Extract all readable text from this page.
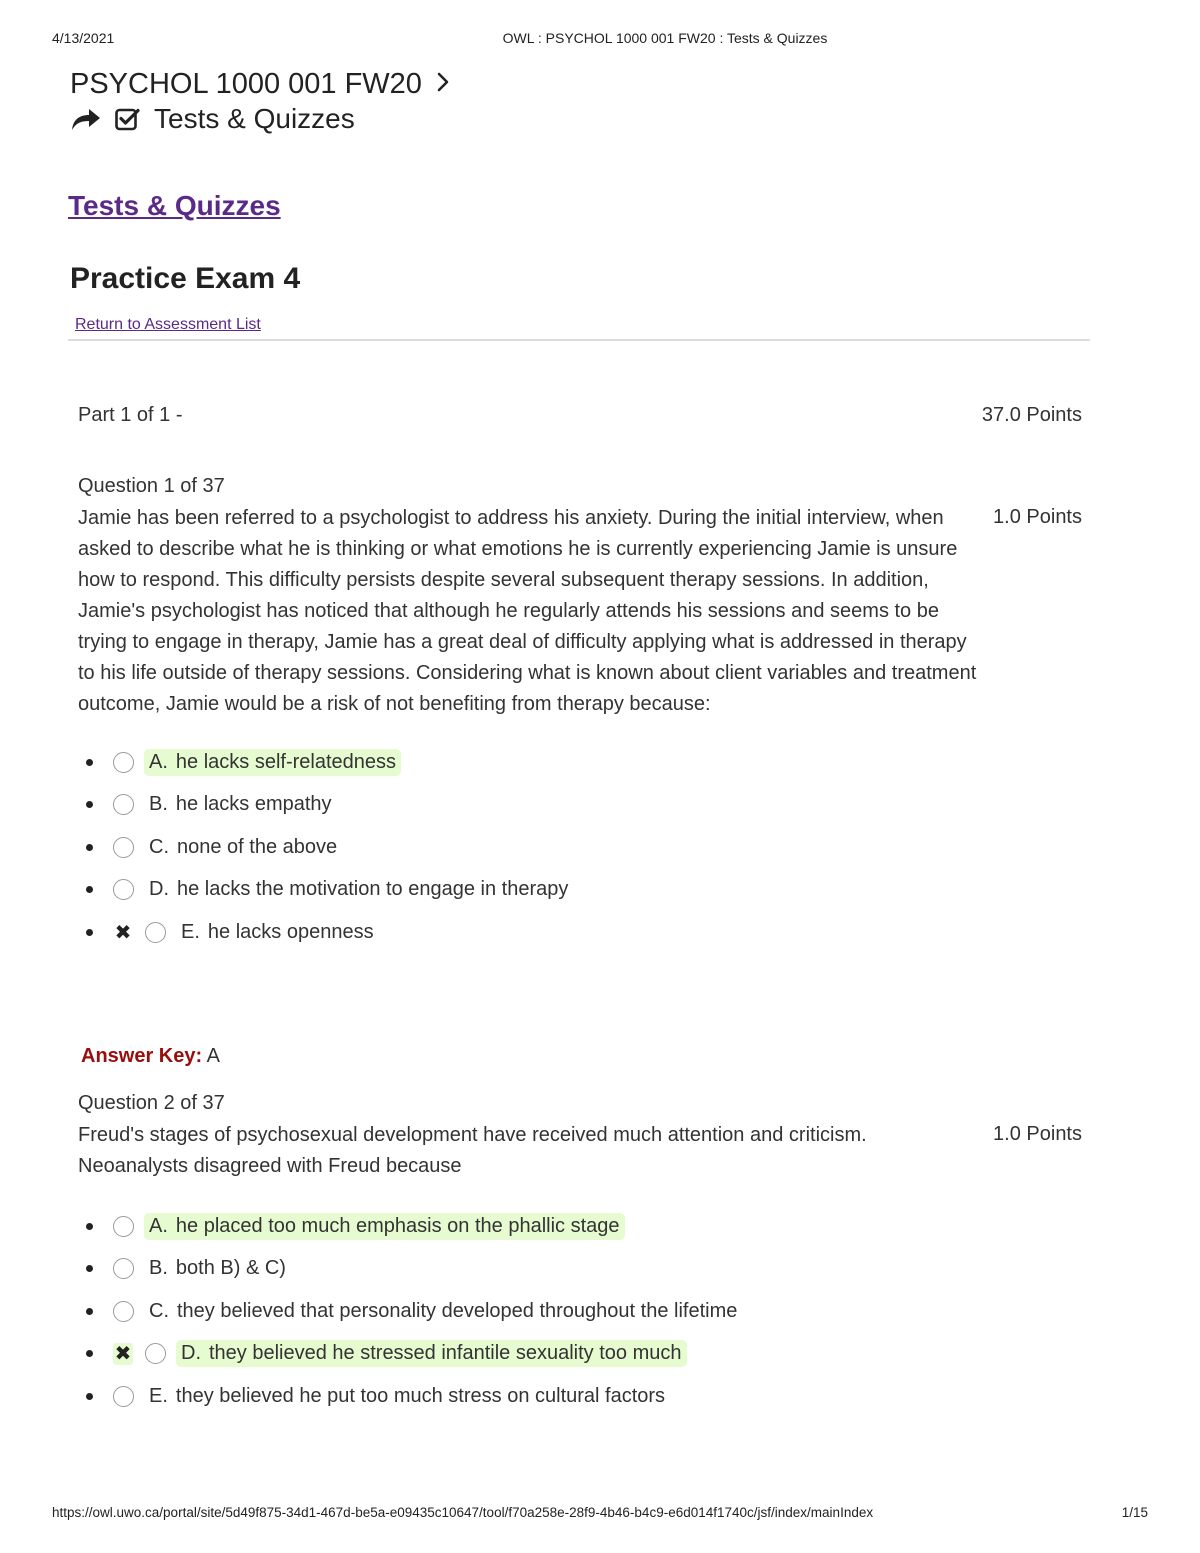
4/13/2021	OWL : PSYCHOL 1000 001 FW20 : Tests & Quizzes
PSYCHOL 1000 001 FW20
Tests & Quizzes
Tests & Quizzes
Practice Exam 4
Return to Assessment List
Part 1 of 1 -	37.0 Points
Question 1 of 37
1.0 Points

Jamie has been referred to a psychologist to address his anxiety. During the initial interview, when asked to describe what he is thinking or what emotions he is currently experiencing Jamie is unsure how to respond. This difficulty persists despite several subsequent therapy sessions. In addition, Jamie's psychologist has noticed that although he regularly attends his sessions and seems to be trying to engage in therapy, Jamie has a great deal of difficulty applying what is addressed in therapy to his life outside of therapy sessions. Considering what is known about client variables and treatment outcome, Jamie would be a risk of not benefiting from therapy because:

A. he lacks self-relatedness
B. he lacks empathy
C. none of the above
D. he lacks the motivation to engage in therapy
✖ E. he lacks openness
Answer Key: A
Question 2 of 37
1.0 Points

Freud's stages of psychosexual development have received much attention and criticism. Neoanalysts disagreed with Freud because

A. he placed too much emphasis on the phallic stage
B. both B) & C)
C. they believed that personality developed throughout the lifetime
✖ D. they believed he stressed infantile sexuality too much
E. they believed he put too much stress on cultural factors
https://owl.uwo.ca/portal/site/5d49f875-34d1-467d-be5a-e09435c10647/tool/f70a258e-28f9-4b46-b4c9-e6d014f1740c/jsf/index/mainIndex	1/15
